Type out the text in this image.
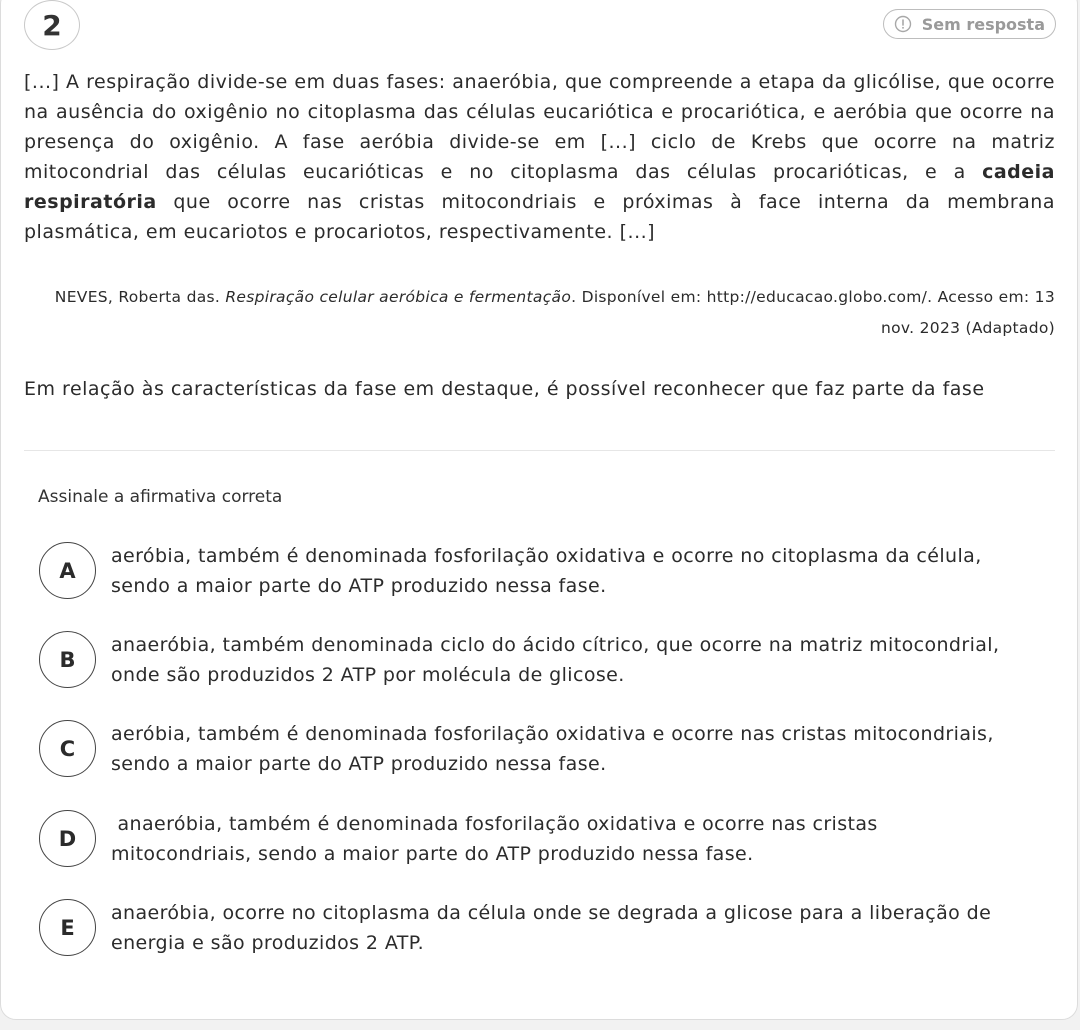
2	Sem resposta
[...] A respiração divide-se em duas fases: anaeróbia, que compreende a etapa da glicólise, que ocorre na ausência do oxigênio no citoplasma das células eucariótica e procariótica, e aeróbia que ocorre na presença do oxigênio. A fase aeróbia divide-se em [...] ciclo de Krebs que ocorre na matriz mitocondrial das células eucarióticas e no citoplasma das células procarióticas, e a cadeia respiratória que ocorre nas cristas mitocondriais e próximas à face interna da membrana plasmática, em eucariotos e procariotos, respectivamente. [...]
NEVES, Roberta das. Respiração celular aeróbica e fermentação. Disponível em: http://educacao.globo.com/. Acesso em: 13 nov. 2023 (Adaptado)
Em relação às características da fase em destaque, é possível reconhecer que faz parte da fase
Assinale a afirmativa correta
A
aeróbia, também é denominada fosforilação oxidativa e ocorre no citoplasma da célula, sendo a maior parte do ATP produzido nessa fase.
B
anaeróbia, também denominada ciclo do ácido cítrico, que ocorre na matriz mitocondrial, onde são produzidos 2 ATP por molécula de glicose.
C
aeróbia, também é denominada fosforilação oxidativa e ocorre nas cristas mitocondriais, sendo a maior parte do ATP produzido nessa fase.
D
anaeróbia, também é denominada fosforilação oxidativa e ocorre nas cristas mitocondriais, sendo a maior parte do ATP produzido nessa fase.
E
anaeróbia, ocorre no citoplasma da célula onde se degrada a glicose para a liberação de energia e são produzidos 2 ATP.
